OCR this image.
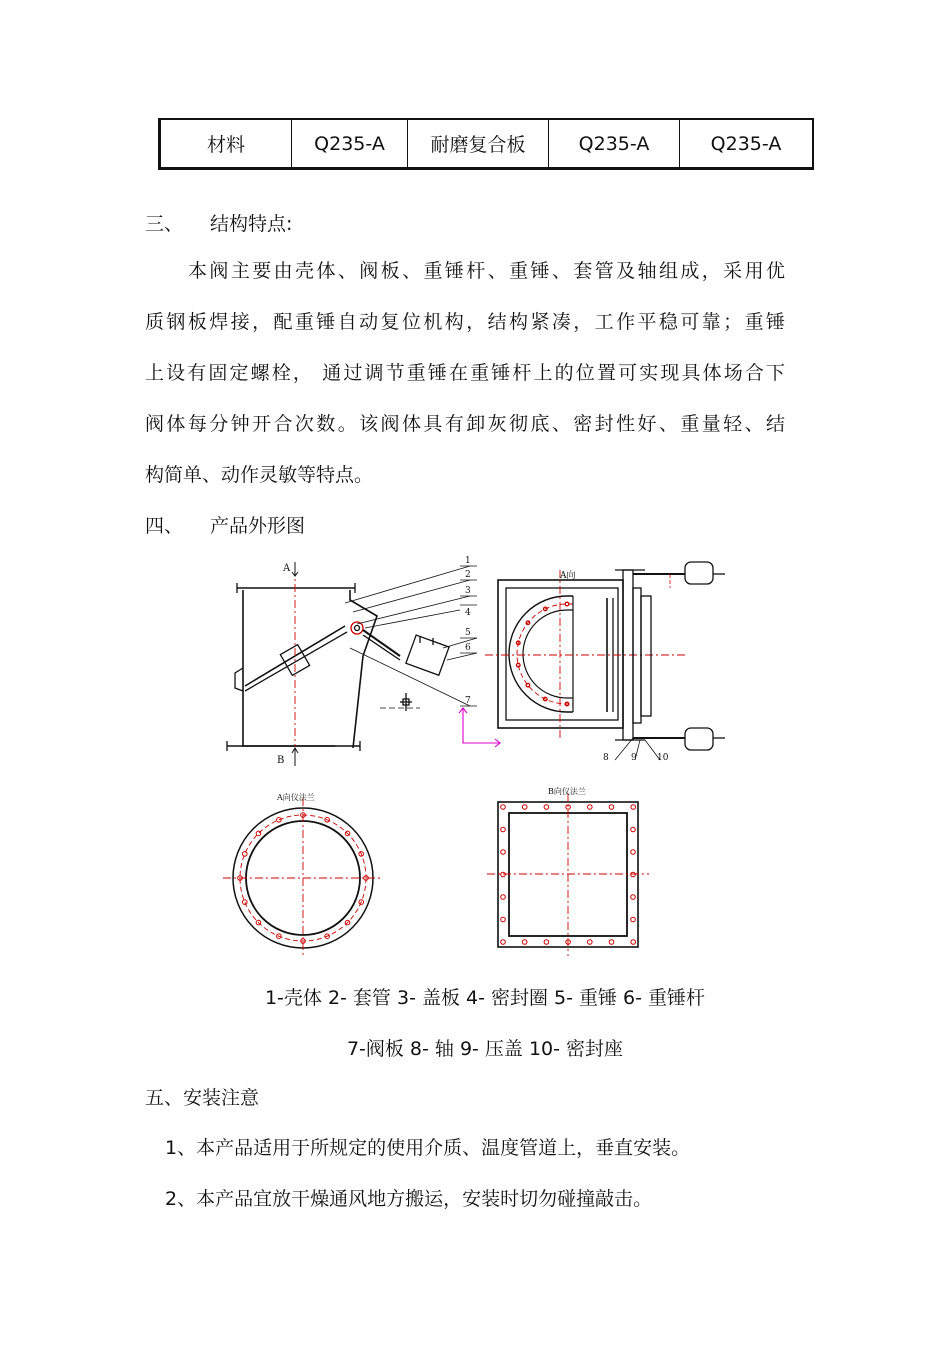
材料	Q235-A	耐磨复合板	Q235-A	Q235-A
三、 结构特点:
本阀主要由壳体、阀板、重锤杆、重锤、套管及轴组成，采用优
质钢板焊接，配重锤自动复位机构，结构紧凑，工作平稳可靠；重锤
上设有固定螺栓， 通过调节重锤在重锤杆上的位置可实现具体场合下
阀体每分钟开合次数。该阀体具有卸灰彻底、密封性好、重量轻、结
构简单、动作灵敏等特点。
四、 产品外形图
A
B
1
2
3
4
5
6
7
A向
8 9 10
A向仪法兰
B向仪法兰
1-壳体 2- 套管 3- 盖板 4- 密封圈 5- 重锤 6- 重锤杆
7-阀板 8- 轴 9- 压盖 10- 密封座
五、安装注意
1、本产品适用于所规定的使用介质、温度管道上，垂直安装。
2、本产品宜放干燥通风地方搬运，安装时切勿碰撞敲击。
